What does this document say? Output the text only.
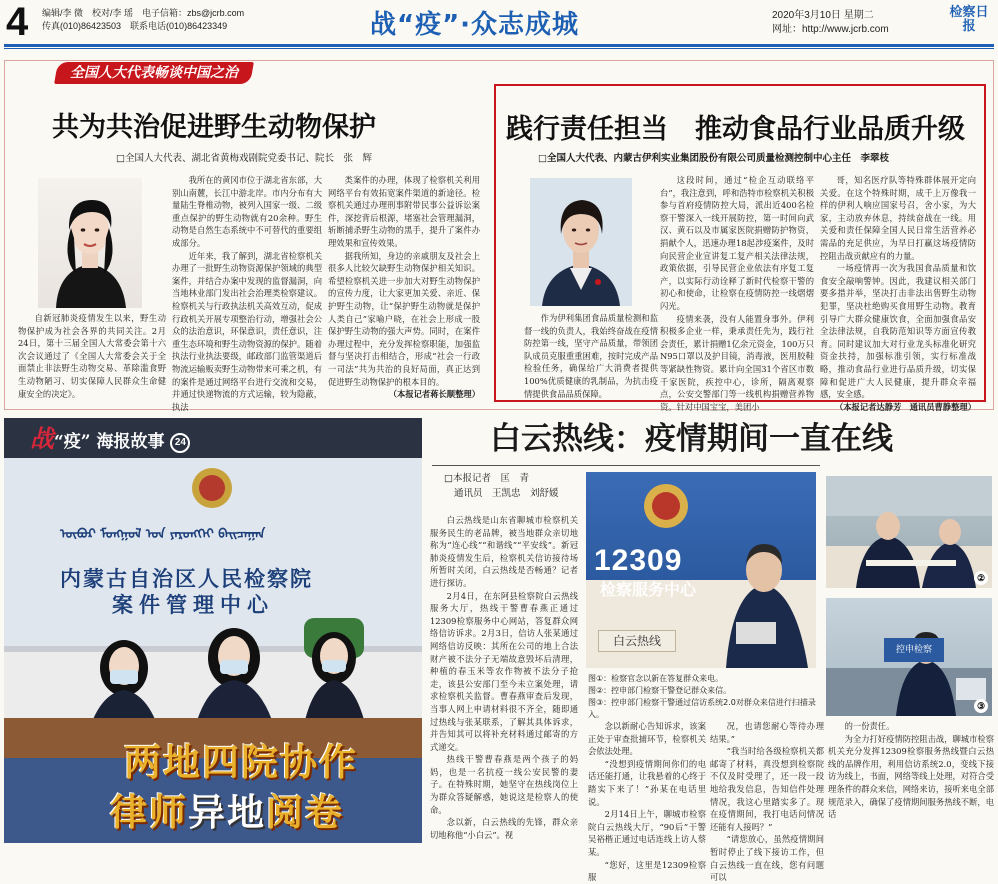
4 编辑/李 微　校对/李 瑶　电子信箱：zbs@jcrb.com
传真(010)86423503　联系电话(010)86423349	战“疫”·众志成城	2020年3月10日 星期二
网址：http://www.jcrb.com
检察日报
全国人大代表畅谈中国之治
共为共治促进野生动物保护
□全国人大代表、湖北省黄梅戏剧院党委书记、院长　张　辉

自新冠肺炎疫情发生以来，野生动物保护成为社会各界的共同关注。2月24日，第十三届全国人大常委会第十六次会议通过了《全国人大常委会关于全面禁止非法野生动物交易、革除滥食野生动物陋习、切实保障人民群众生命健康安全的决定》。

我所在的黄冈市位于湖北省东部，大别山南麓，长江中游北岸。市内分布有大量陆生脊椎动物，被列入国家一级、二级重点保护的野生动物就有20余种。野生动物是自然生态系统中不可替代的重要组成部分。

近年来，我了解到，湖北省检察机关办理了一批野生动物资源保护领域的典型案件，并结合办案中发现的监督漏洞，向当地林业部门发出社会治理类检察建议。检察机关与行政执法机关高效互动，促成行政机关开展专项整治行动，增强社会公众的法治意识，环保意识，责任意识，注重生态环境和野生动物资源的保护。随着执法行业执法要级，邮政部门监管渠道后物流运输贩卖野生动物带来可乘之机，有的案件是通过网络平台进行交流和交易，并通过快递物流的方式运输，较为隐蔽，执法

类案件的办理，体现了检察机关利用网络平台有效拓宽案件渠道的新途径。检察机关通过办理刑事附带民事公益诉讼案件，深挖背后根源，堵塞社会管理漏洞，斩断捕杀野生动物的黑手，提升了案件办理效果和宣传效果。

据我所知，身边的亲戚朋友及社会上很多人比较欠缺野生动物保护相关知识。希望检察机关进一步加大对野生动物保护的宣传力度，让大家更加关爱、亲近、保护野生动物，让“保护野生动物就是保护人类自己”家喻户晓，在社会上形成一股保护野生动物的强大声势。同时，在案件办理过程中，充分发挥检察职能，加强监督与坚决打击相结合，形成“社会一行政一司法”共为共治的良好局面，真正达到促进野生动物保护的根本目的。

（本报记者蒋长顺整理）
践行责任担当　推动食品行业品质升级
□全国人大代表、内蒙古伊利实业集团股份有限公司质量检测控制中心主任　李翠枝

作为伊利集团食品质量检测和监督一线的负责人，我始终奋战在疫情防控第一线，坚守产品质量，带领团队成员克服重重困难，按时完成产品检验任务，确保给广大消费者提供100%优质健康的乳制品，为抗击疫情提供食品品质保障。

这段时间，通过“检企互动联络平台”，我注意到，呼和浩特市检察机关积极参与首府疫情防控大局，派出近400名检察干警深入一线开展防控，第一时间向武汉、黄石以及市属家医院捐赠防护物资，捐献个人，迅速办理18起涉疫案件，及时向民营企业宣讲复工复产相关法律法规，政策依据，引导民营企业依法有序复工复产，以实际行动诠释了新时代检察干警的初心和使命，让检察在疫情防控一线熠熠闪光。

疫情来袭，没有人能置身事外。伊利积极多企业一样，秉承责任先为，践行社会责任，累计捐赠1亿余元资金，100万只N95口罩以及护目镜，消毒液，医用胶鞋等紧缺性物资。累计向全国31个省区市数千家医院，疾控中心，诊所，隔离观察点，公安交警部门等一线机构捐赠营养物资。针对中国宝宝，美团小

哥，知名医疗队等特殊群体展开定向关爱。在这个特殊时期，成千上万像我一样的伊利人响应国家号召，舍小家，为大家，主动放弃休息，持续奋战在一线。用关爱和责任保障全国人民日常生活营养必需品的充足供应，为早日打赢这场疫情防控阻击战贡献应有的力量。

一场疫情再一次为我国食品质量和饮食安全敲响警钟。因此，我建议相关部门要多措并举，坚决打击非法出售野生动物犯罪，坚决杜绝购买食用野生动物。教育引导广大群众健康饮食，全面加强食品安全法律法规，自我防范知识等方面宣传教育。同时建议加大对行业龙头标准化研究资金扶持，加强标准引领，实行标准战略，推动食品行业进行品质升级，切实保障和促进广大人民健康，提升群众幸福感，安全感。

（本报记者达静芳　通讯员曹静整理）
战“疫” 海报故事 24
ᠥᠪᠦᠷ ᠮᠣᠩᠭᠣᠯ ᠤᠨ ᠶᠡᠷᠦᠩᠬᠡᠢ ᠪᠠᠢᠴᠠᠭᠠᠨ
内蒙古自治区人民检察院
案件管理中心
两地四院协作
律师异地阅卷
白云热线：疫情期间一直在线
□本报记者　匡　青
通讯员　王凯忠　刘舒媛

白云热线是山东省聊城市检察机关服务民生的老品牌，被当地群众亲切地称为“连心线”“和谐线”“平安线”。新冠肺炎疫情发生后，检察机关信访接待场所暂时关闭，白云热线是否畅通？记者进行探访。

2月4日，在东阿县检察院白云热线服务大厅，热线干警曹春燕正通过12309检察服务中心网站，答复群众网络信访诉求。2月3日，信访人张某通过网络信访反映：其所在公司的地上合法财产被不法分子无端故意毁坏后清理，种植的春玉米等农作物被不法分子抢走，该县公安部门至今未立案处理，请求检察机关监督。曹春燕审查后发现，当事人网上申请材料很不齐全，随即通过热线与张某联系，了解其具体诉求，并告知其可以将补充材料通过邮寄的方式递交。

热线干警曹春燕是两个孩子的妈妈，也是一名抗疫一线公安民警的妻子。在特殊时期，她坚守在热线岗位上为群众答疑解惑，她说这是检察人的使命。

念以新，白云热线的先锋，群众亲切地称他“小白云”。视

12309
检察服务中心
白云热线
图①：检察官念以新在答复群众来电。
图②：控申部门检察干警登记群众来信。
图③：控申部门检察干警通过信访系统2.0对群众来信进行扫描录入。

念以新耐心告知诉求，该案正处于审查批捕环节，检察机关会依法处理。

“没想到疫情期间你们的电话还能打通，让我悬着的心终于踏实下来了！”孙某在电话里说。

2月14日上午，聊城市检察院白云热线大厅，“90后”干警吴裕楷正通过电话连线上访人蔡某。

“您好，这里是12309检察服

况，也请您耐心等待办理结果。”

“我当时给各级检察机关都邮寄了材料，真没想到检察院不仅及时受理了，还一段一段地给我发信息，告知信件处理情况，我这心里踏实多了。现在疫情期间，我打电话问情况还能有人接吗？”

“请您放心，虽然疫情期间暂时停止了线下接访工作，但白云热线一直在线，您有问题可以

②
控申检察
③

的一份责任。

为全力打好疫情防控阻击战，聊城市检察机关充分发挥12309检察服务热线暨白云热线的品牌作用，利用信访系统2.0，变线下接访为线上，书面，网络等线上处理，对符合受理条件的群众来信，网络来访，接听来电全部规范录入，确保了疫情期间服务热线不断，电话
